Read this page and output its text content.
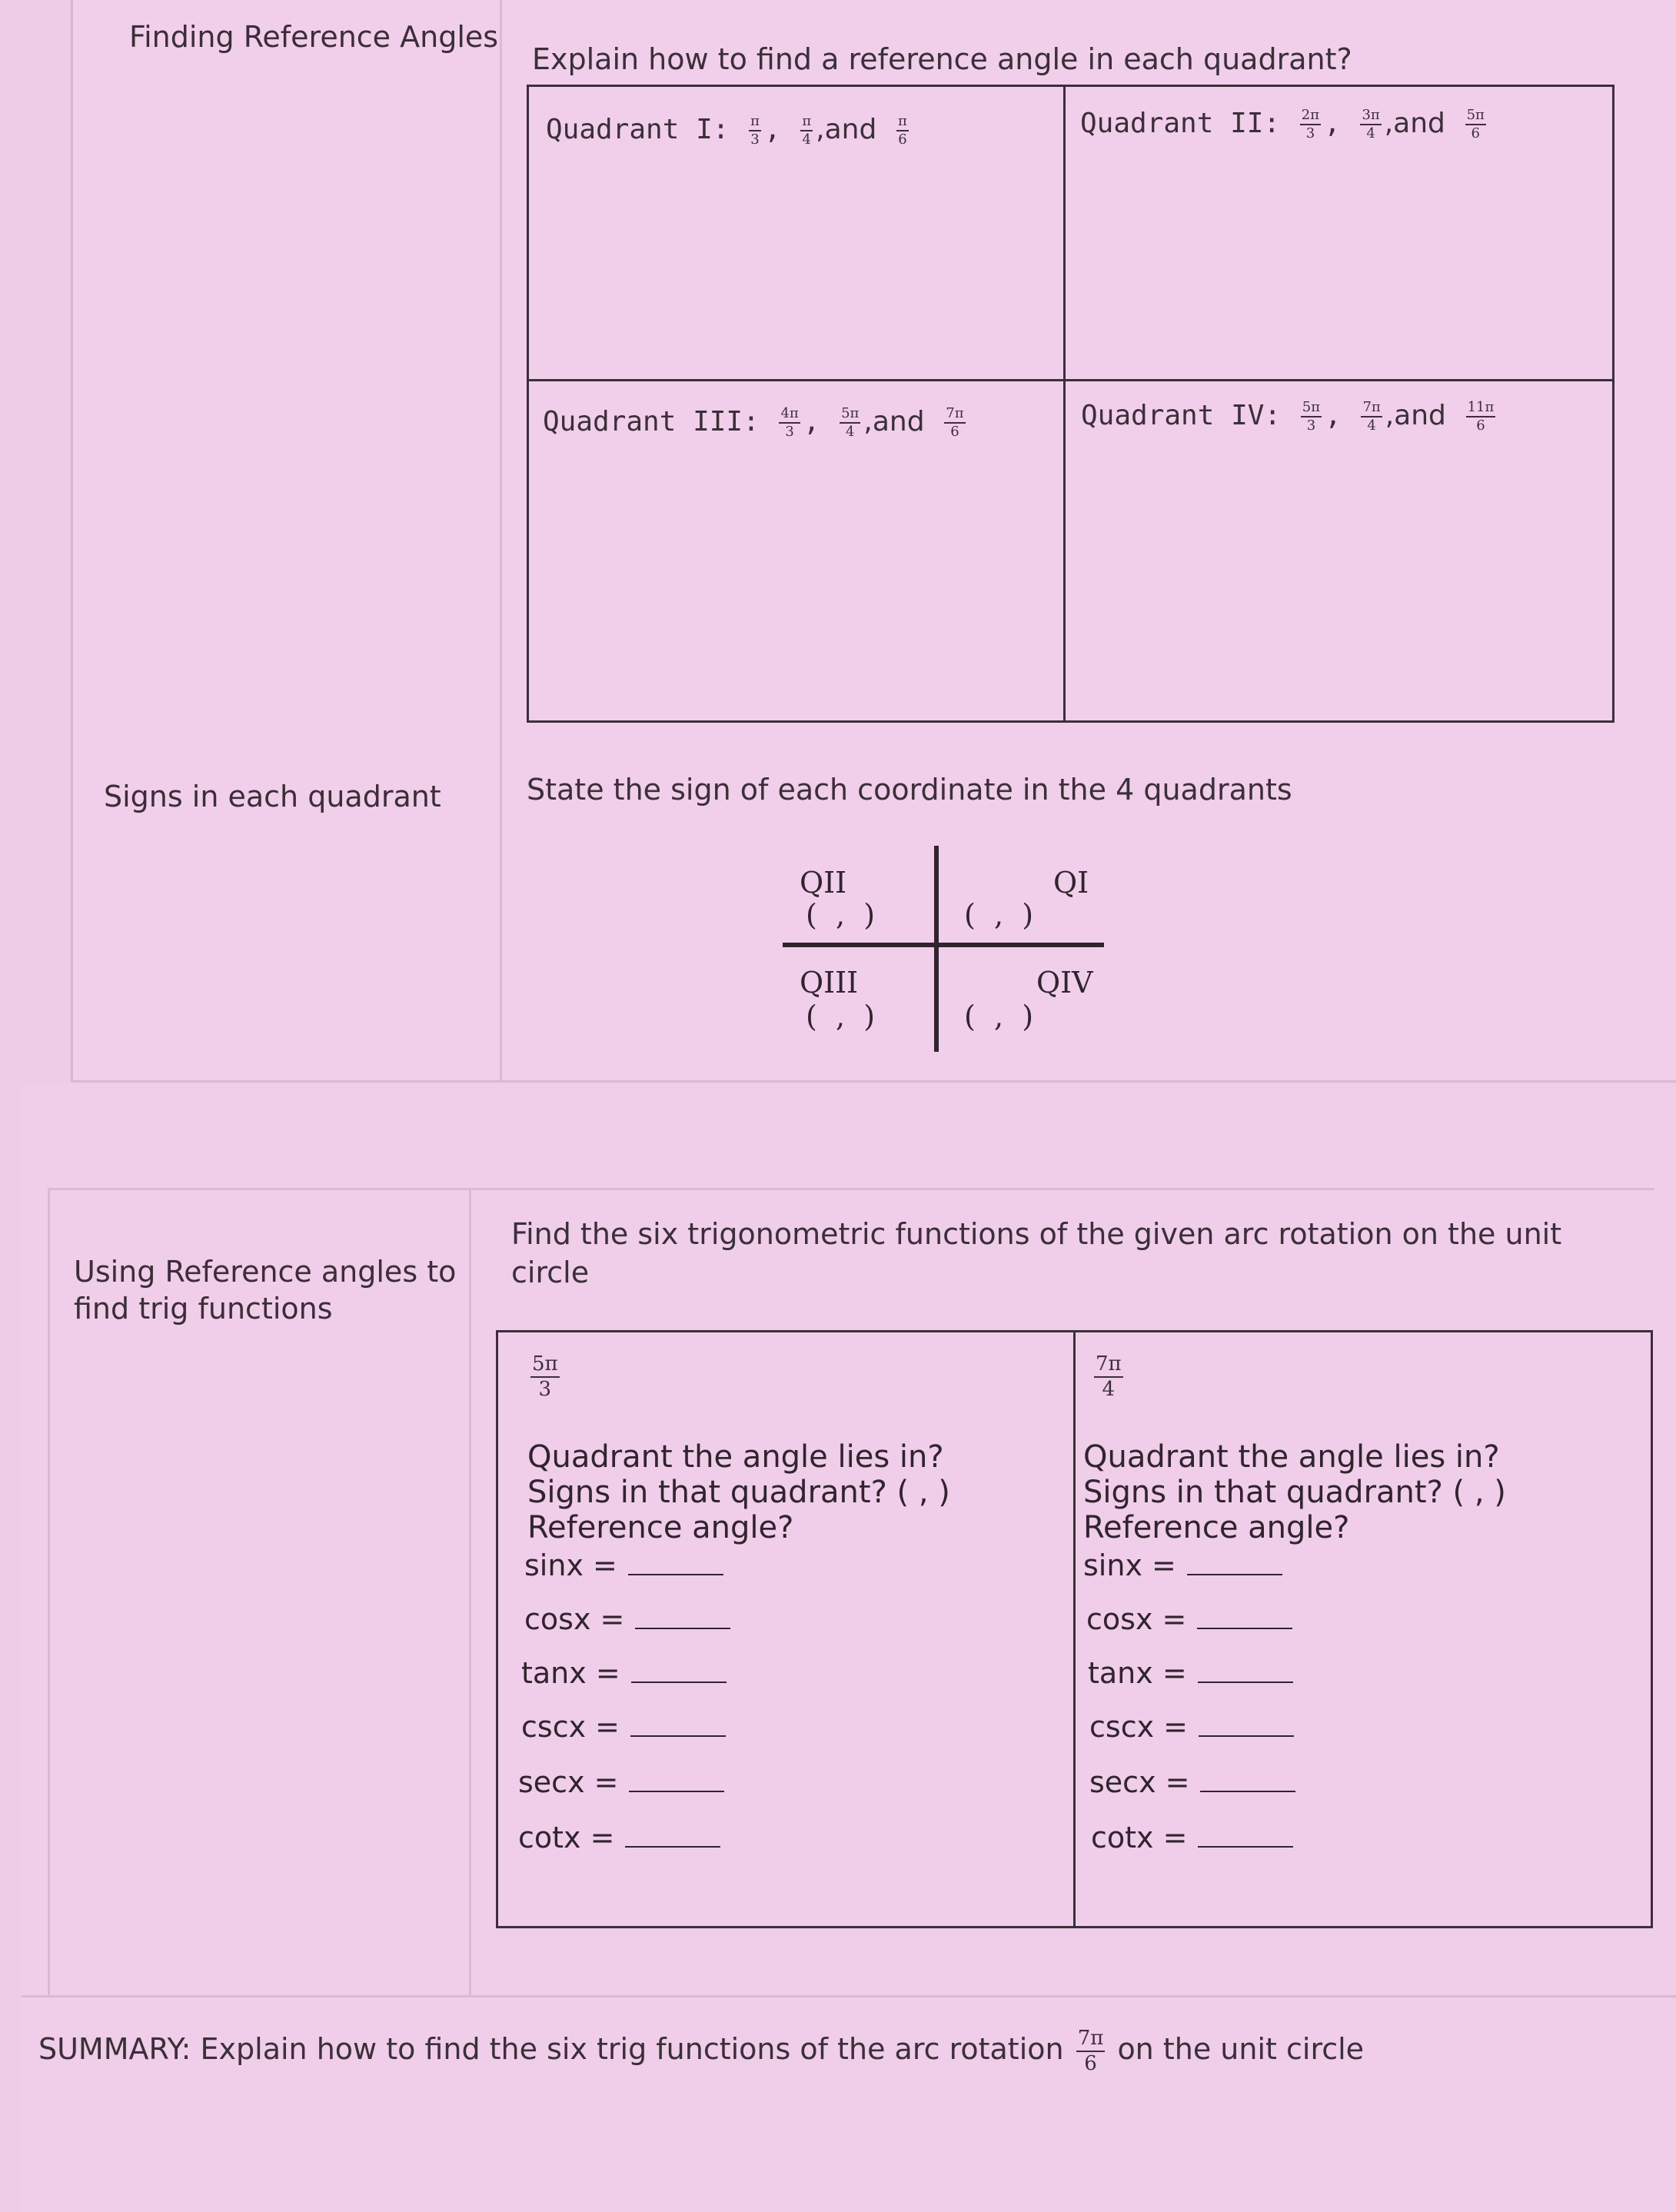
Finding Reference Angles
Explain how to find a reference angle in each quadrant?
Quadrant I: $\frac{\pi}{3}$ , $\frac{\pi}{4} ,and \frac{\pi}{6}$	Quadrant II: $\frac{2\pi}{3}$ , $\frac{3\pi}{4} ,and \frac{5\pi}{6}$
Quadrant III: $\frac{4\pi}{3}$ , $\frac{5\pi}{4} ,and \frac{7\pi}{6}$	Quadrant IV: $\frac{5\pi}{3}$ , $\frac{7\pi}{4} ,and \frac{11\pi}{6}$
Signs in each quadrant	State the sign of each coordinate in the 4 quadrants
QII
(  ,  )
QI
(  ,  )
QIII
(  ,  )
QIV
(  ,  )
Using Reference angles to find trig functions
Find the six trigonometric functions of the given arc rotation on the unit circle
$\frac{5\pi}{3}$
Quadrant the angle lies in?
Signs in that quadrant? ( , )
Reference angle?
sinx =
cosx =
tanx =
cscx =
secx =
cotx =
$\frac{7\pi}{4}$
Quadrant the angle lies in?
Signs in that quadrant? ( , )
Reference angle?
sinx =
cosx =
tanx =
cscx =
secx =
cotx =
SUMMARY: Explain how to find the six trig functions of the arc rotation $\frac{7\pi}{6}$ on the unit circle
